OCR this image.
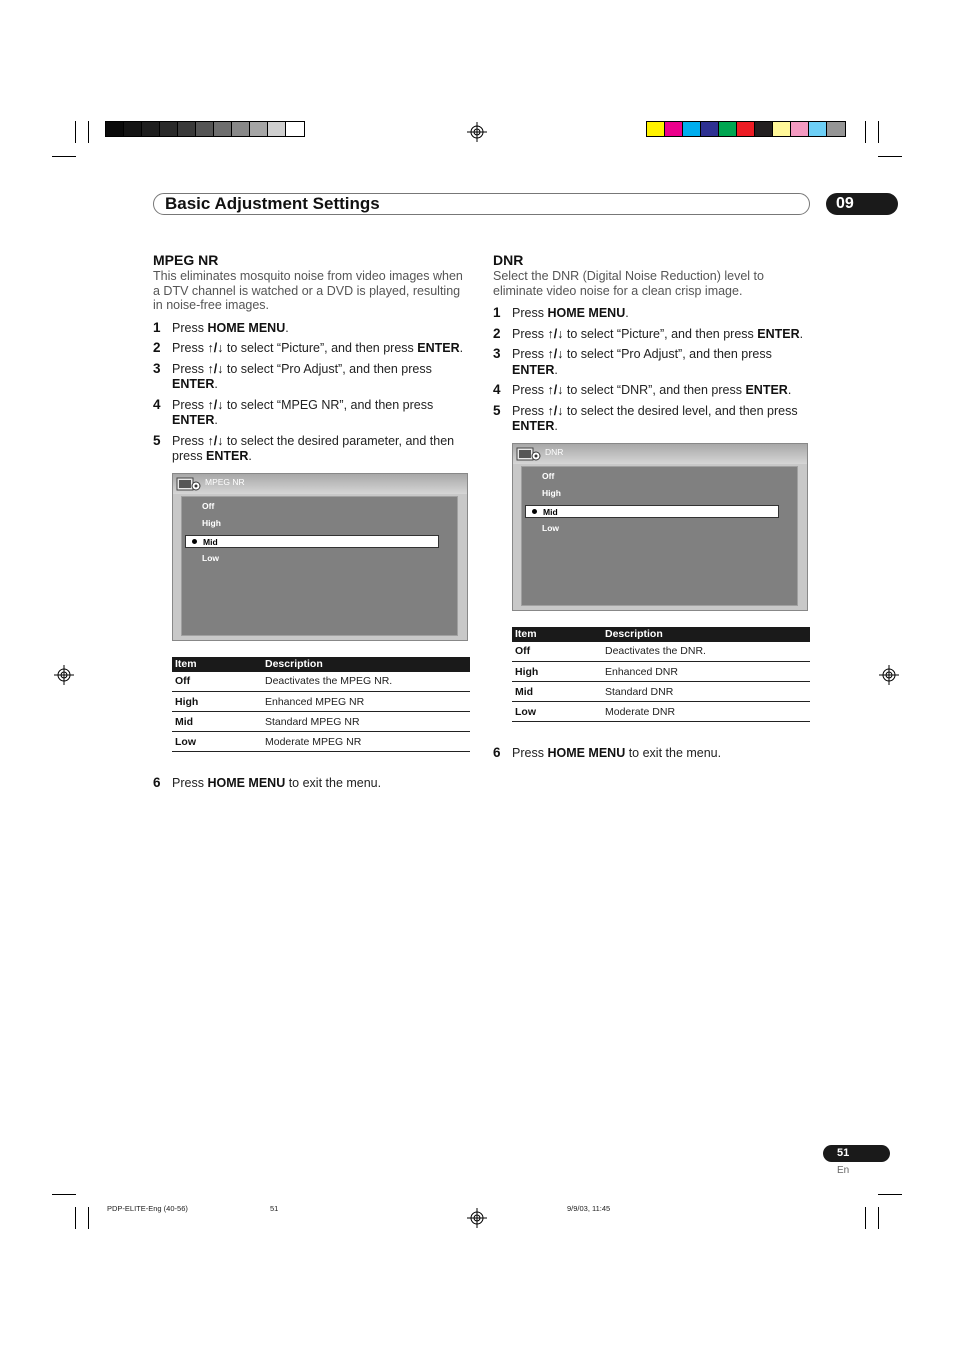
Basic Adjustment Settings	09
MPEG NR
This eliminates mosquito noise from video images when a DTV channel is watched or a DVD is played, resulting in noise-free images.
1 Press HOME MENU.
2 Press ↑/↓ to select “Picture”, and then press ENTER.
3 Press ↑/↓ to select “Pro Adjust”, and then press ENTER.
4 Press ↑/↓ to select “MPEG NR”, and then press ENTER.
5 Press ↑/↓ to select the desired parameter, and then press ENTER.
MPEG NR
Off
High
Mid
Low
Item	Description
Off	Deactivates the MPEG NR.
High	Enhanced MPEG NR
Mid	Standard MPEG NR
Low	Moderate MPEG NR
6 Press HOME MENU to exit the menu.
DNR
Select the DNR (Digital Noise Reduction) level to eliminate video noise for a clean crisp image.
1 Press HOME MENU.
2 Press ↑/↓ to select “Picture”, and then press ENTER.
3 Press ↑/↓ to select “Pro Adjust”, and then press ENTER.
4 Press ↑/↓ to select “DNR”, and then press ENTER.
5 Press ↑/↓ to select the desired level, and then press ENTER.
DNR
Off
High
Mid
Low
Item	Description
Off	Deactivates the DNR.
High	Enhanced DNR
Mid	Standard DNR
Low	Moderate DNR
6 Press HOME MENU to exit the menu.
51
En
PDP-ELITE-Eng (40-56)	51	9/9/03, 11:45
